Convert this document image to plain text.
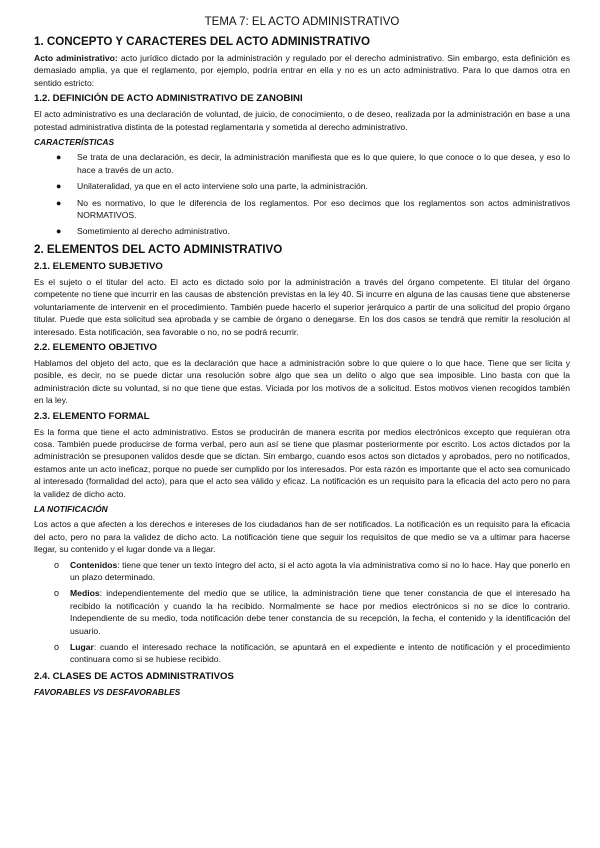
TEMA 7: EL ACTO ADMINISTRATIVO
1. CONCEPTO Y CARACTERES DEL ACTO ADMINISTRATIVO

Acto administrativo: acto jurídico dictado por la administración y regulado por el derecho administrativo. Sin embargo, esta definición es demasiado amplia, ya que el reglamento, por ejemplo, podría entrar en ella y no es un acto administrativo. Para lo que damos otra en sentido estricto:

1.2. DEFINICIÓN DE ACTO ADMINISTRATIVO DE ZANOBINI

El acto administrativo es una declaración de voluntad, de juicio, de conocimiento, o de deseo, realizada por la administración en base a una potestad administrativa distinta de la potestad reglamentaria y sometida al derecho administrativo.

CARACTERÍSTICAS
● Se trata de una declaración, es decir, la administración manifiesta que es lo que quiere, lo que conoce o lo que desea, y eso lo hace a través de un acto.
● Unilateralidad, ya que en el acto interviene solo una parte, la administración.
● No es normativo, lo que le diferencia de los reglamentos. Por eso decimos que los reglamentos son actos administrativos NORMATIVOS.
● Sometimiento al derecho administrativo.
2. ELEMENTOS DEL ACTO ADMINISTRATIVO
2.1. ELEMENTO SUBJETIVO

Es el sujeto o el titular del acto. El acto es dictado solo por la administración a través del órgano competente. El titular del órgano competente no tiene que incurrir en las causas de abstención previstas en la ley 40. Si incurre en alguna de las causas tiene que abstenerse voluntariamente de intervenir en el procedimiento. También puede hacerlo el superior jerárquico a partir de una solicitud del propio órgano titular. Puede que esta solicitud sea aprobada y se cambie de órgano o denegarse. En los dos casos se tendrá que remitir la resolución al interesado. Esta notificación, sea favorable o no, no se podrá recurrir.

2.2. ELEMENTO OBJETIVO

Hablamos del objeto del acto, que es la declaración que hace a administración sobre lo que quiere o lo que hace. Tiene que ser licita y posible, es decir, no se puede dictar una resolución sobre algo que sea un delito o algo que sea imposible. Lino basta con que la administración dicte su voluntad, si no que tiene que estas. Viciada por los motivos de a solicitud. Estos motivos vienen recogidos también en la ley.

2.3. ELEMENTO FORMAL

Es la forma que tiene el acto administrativo. Estos se producirán de manera escrita por medios electrónicos excepto que requieran otra cosa. También puede producirse de forma verbal, pero aun así se tiene que plasmar posteriormente por escrito. Los actos dictados por la administración se presuponen validos desde que se dictan. Sin embargo, cuando esos actos son dictados y aprobados, pero no notificados, estamos ante un acto ineficaz, porque no puede ser cumplido por los interesados. Por esta razón es importante que el acto sea comunicado al interesado (formalidad del acto), para que el acto sea válido y eficaz. La notificación es un requisito para la eficacia del acto pero no para la validez de dicho acto.

LA NOTIFICACIÓN

Los actos a que afecten a los derechos e intereses de los ciudadanos han de ser notificados. La notificación es un requisito para la eficacia del acto, pero no para la validez de dicho acto. La notificación tiene que seguir los requisitos de que medio se va a ultimar para hacerse llegar, su contenido y el lugar donde va a llegar.

o Contenidos: tiene que tener un texto íntegro del acto, si el acto agota la vía administrativa como si no lo hace. Hay que ponerlo en un plazo determinado.
o Medios: independientemente del medio que se utilice, la administración tiene que tener constancia de que el interesado ha recibido la notificación y cuando la ha recibido. Normalmente se hace por medios electrónicos si no se dice lo contrario. Independiente de su medio, toda notificación debe tener constancia de su recepción, la fecha, el contenido y la identificación del usuario.
o Lugar: cuando el interesado rechace la notificación, se apuntará en el expediente e intento de notificación y el procedimiento continuara como si se hubiese recibido.
2.4. CLASES DE ACTOS ADMINISTRATIVOS
FAVORABLES VS DESFAVORABLES
